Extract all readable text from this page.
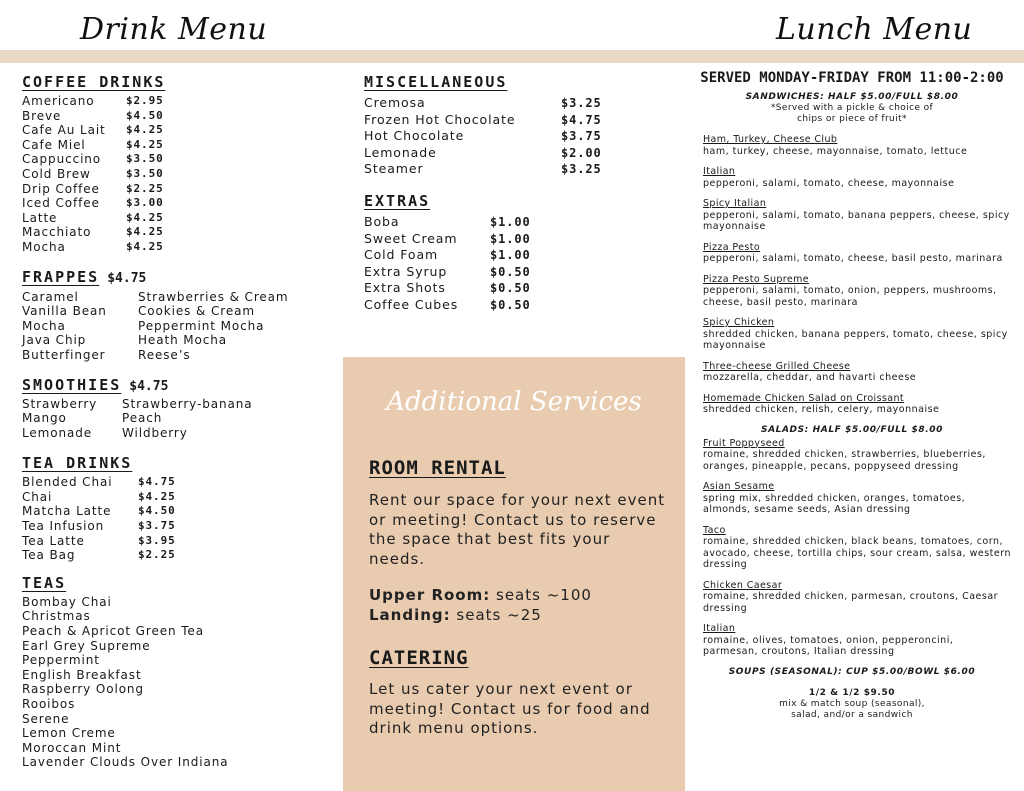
Drink Menu	Lunch Menu
COFFEE DRINKS
Americano	$2.95
Breve	$4.50
Cafe Au Lait	$4.25
Cafe Miel	$4.25
Cappuccino	$3.50
Cold Brew	$3.50
Drip Coffee	$2.25
Iced Coffee	$3.00
Latte	$4.25
Macchiato	$4.25
Mocha	$4.25
FRAPPES $4.75
Caramel	Strawberries & Cream
Vanilla Bean	Cookies & Cream
Mocha	Peppermint Mocha
Java Chip	Heath Mocha
Butterfinger	Reese’s
SMOOTHIES $4.75
Strawberry	Strawberry-banana
Mango	Peach
Lemonade	Wildberry
TEA DRINKS
Blended Chai	$4.75
Chai	$4.25
Matcha Latte	$4.50
Tea Infusion	$3.75
Tea Latte	$3.95
Tea Bag	$2.25
TEAS
Bombay Chai
Christmas
Peach & Apricot Green Tea
Earl Grey Supreme
Peppermint
English Breakfast
Raspberry Oolong
Rooibos
Serene
Lemon Creme
Moroccan Mint
Lavender Clouds Over Indiana
MISCELLANEOUS
Cremosa	$3.25
Frozen Hot Chocolate	$4.75
Hot Chocolate	$3.75
Lemonade	$2.00
Steamer	$3.25
EXTRAS
Boba	$1.00
Sweet Cream	$1.00
Cold Foam	$1.00
Extra Syrup	$0.50
Extra Shots	$0.50
Coffee Cubes	$0.50
Additional Services
ROOM RENTAL
Rent our space for your next event or meeting! Contact us to reserve the space that best fits your needs.
Upper Room: seats ~100
Landing: seats ~25
CATERING
Let us cater your next event or meeting! Contact us for food and drink menu options.
SERVED MONDAY-FRIDAY FROM 11:00-2:00
SANDWICHES: HALF $5.00/FULL $8.00
*Served with a pickle & choice of chips or piece of fruit*
Ham, Turkey, Cheese Club
ham, turkey, cheese, mayonnaise, tomato, lettuce
Italian
pepperoni, salami, tomato, cheese, mayonnaise
Spicy Italian
pepperoni, salami, tomato, banana peppers, cheese, spicy mayonnaise
Pizza Pesto
pepperoni, salami, tomato, cheese, basil pesto, marinara
Pizza Pesto Supreme
pepperoni, salami, tomato, onion, peppers, mushrooms, cheese, basil pesto, marinara
Spicy Chicken
shredded chicken, banana peppers, tomato, cheese, spicy mayonnaise
Three-cheese Grilled Cheese
mozzarella, cheddar, and havarti cheese
Homemade Chicken Salad on Croissant
shredded chicken, relish, celery, mayonnaise
SALADS: HALF $5.00/FULL $8.00
Fruit Poppyseed
romaine, shredded chicken, strawberries, blueberries, oranges, pineapple, pecans, poppyseed dressing
Asian Sesame
spring mix, shredded chicken, oranges, tomatoes, almonds, sesame seeds, Asian dressing
Taco
romaine, shredded chicken, black beans, tomatoes, corn, avocado, cheese, tortilla chips, sour cream, salsa, western dressing
Chicken Caesar
romaine, shredded chicken, parmesan, croutons, Caesar dressing
Italian
romaine, olives, tomatoes, onion, pepperoncini, parmesan, croutons, Italian dressing
SOUPS (SEASONAL): CUP $5.00/BOWL $6.00
1/2 & 1/2 $9.50
mix & match soup (seasonal), salad, and/or a sandwich
